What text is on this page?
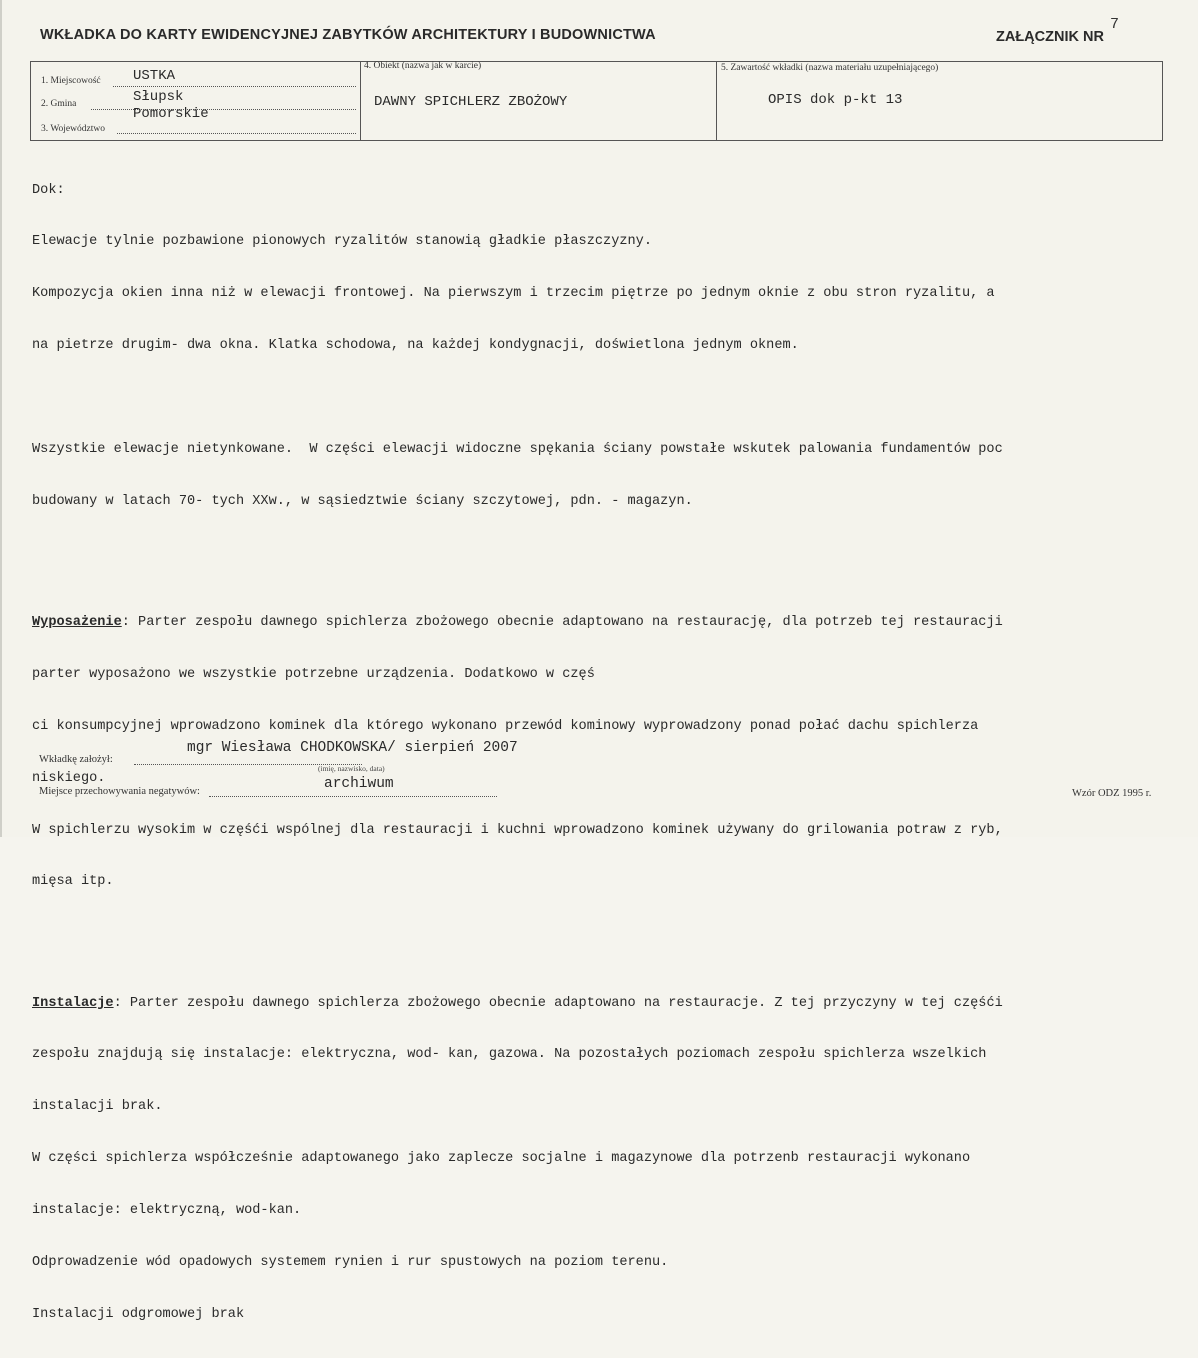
WKŁADKA DO KARTY EWIDENCYJNEJ ZABYTKÓW ARCHITEKTURY I BUDOWNICTWA	ZAŁĄCZNIK NR
7
1. Miejscowość USTKA
2. Gmina	Słupsk
3. Województwo
Pomorskie
4. Obiekt (nazwa jak w karcie)
DAWNY SPICHLERZ ZBOŻOWY
5. Zawartość wkładki (nazwa materiału uzupełniającego)
OPIS dok p-kt 13

Dok:

Elewacje tylnie pozbawione pionowych ryzalitów stanowią gładkie płaszczyzny.

Kompozycja okien inna niż w elewacji frontowej. Na pierwszym i trzecim piętrze po jednym oknie z obu stron ryzalitu, a

na pietrze drugim- dwa okna. Klatka schodowa, na każdej kondygnacji, doświetlona jednym oknem.

Wszystkie elewacje nietynkowane.  W części elewacji widoczne spękania ściany powstałe wskutek palowania fundamentów poc

budowany w latach 70- tych XXw., w sąsiedztwie ściany szczytowej, pdn. - magazyn.

Wyposażenie: Parter zespołu dawnego spichlerza zbożowego obecnie adaptowano na restaurację, dla potrzeb tej restauracji

parter wyposażono we wszystkie potrzebne urządzenia. Dodatkowo w częś

ci konsumpcyjnej wprowadzono kominek dla którego wykonano przewód kominowy wyprowadzony ponad połać dachu spichlerza

niskiego.

W spichlerzu wysokim w częśći wspólnej dla restauracji i kuchni wprowadzono kominek używany do grilowania potraw z ryb,

mięsa itp.

Instalacje: Parter zespołu dawnego spichlerza zbożowego obecnie adaptowano na restauracje. Z tej przyczyny w tej częśći

zespołu znajdują się instalacje: elektryczna, wod- kan, gazowa. Na pozostałych poziomach zespołu spichlerza wszelkich

instalacji brak.

W części spichlerza współcześnie adaptowanego jako zaplecze socjalne i magazynowe dla potrzenb restauracji wykonano

instalacje: elektryczną, wod-kan.

Odprowadzenie wód opadowych systemem rynien i rur spustowych na poziom terenu.

Instalacji odgromowej brak

Wkładkę założył:
mgr Wiesława CHODKOWSKA/ sierpień 2007
(imię, nazwisko, data)
Miejsce przechowywania negatywów:	archiwum
Wzór ODZ 1995 r.
